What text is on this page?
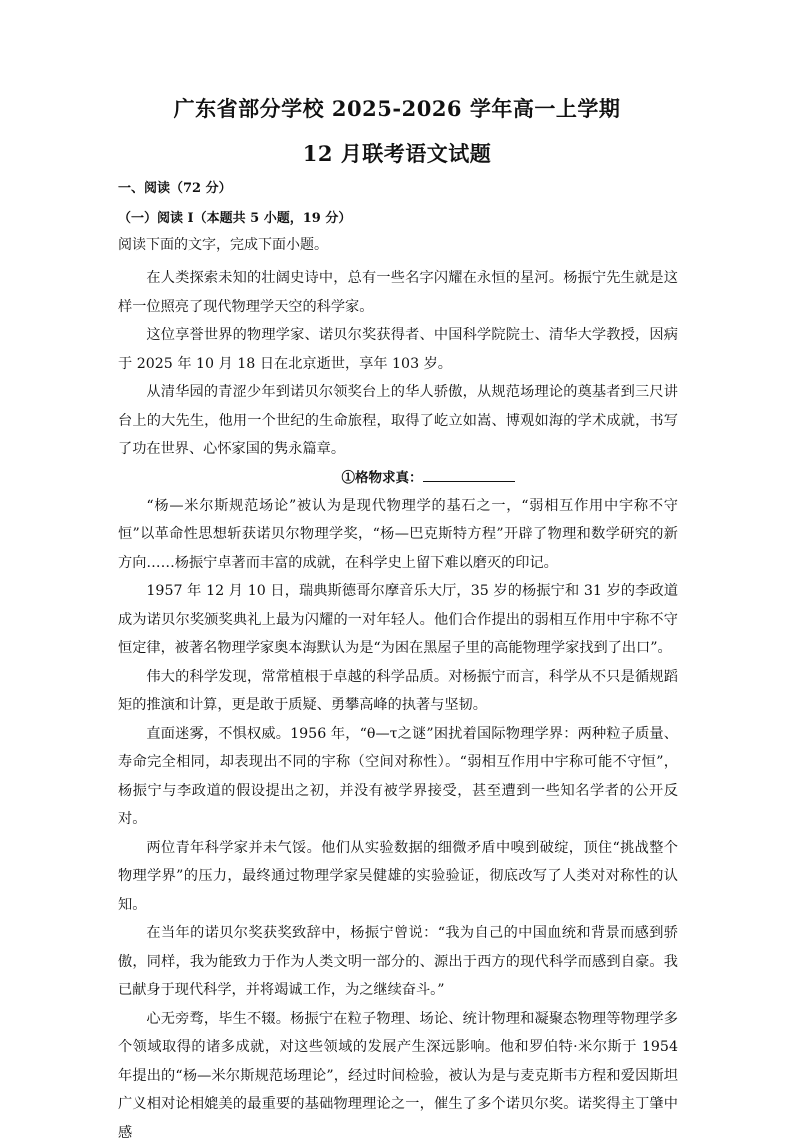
广东省部分学校 2025-2026 学年高一上学期
12 月联考语文试题

一、阅读（72 分）

（一）阅读 I（本题共 5 小题，19 分）

阅读下面的文字，完成下面小题。

在人类探索未知的壮阔史诗中，总有一些名字闪耀在永恒的星河。杨振宁先生就是这样一位照亮了现代物理学天空的科学家。

这位享誉世界的物理学家、诺贝尔奖获得者、中国科学院院士、清华大学教授，因病于 2025 年 10 月 18 日在北京逝世，享年 103 岁。

从清华园的青涩少年到诺贝尔领奖台上的华人骄傲，从规范场理论的奠基者到三尺讲台上的大先生，他用一个世纪的生命旅程，取得了屹立如嵩、博观如海的学术成就，书写了功在世界、心怀家国的隽永篇章。

①格物求真：

“杨—米尔斯规范场论”被认为是现代物理学的基石之一，“弱相互作用中宇称不守恒”以革命性思想斩获诺贝尔物理学奖，“杨—巴克斯特方程”开辟了物理和数学研究的新方向……杨振宁卓著而丰富的成就，在科学史上留下难以磨灭的印记。

1957 年 12 月 10 日，瑞典斯德哥尔摩音乐大厅，35 岁的杨振宁和 31 岁的李政道成为诺贝尔奖颁奖典礼上最为闪耀的一对年轻人。他们合作提出的弱相互作用中宇称不守恒定律，被著名物理学家奥本海默认为是“为困在黑屋子里的高能物理学家找到了出口”。

伟大的科学发现，常常植根于卓越的科学品质。对杨振宁而言，科学从不只是循规蹈矩的推演和计算，更是敢于质疑、勇攀高峰的执著与坚韧。

直面迷雾，不惧权威。1956 年，“θ—τ之谜”困扰着国际物理学界：两种粒子质量、寿命完全相同，却表现出不同的宇称（空间对称性）。“弱相互作用中宇称可能不守恒”，杨振宁与李政道的假设提出之初，并没有被学界接受，甚至遭到一些知名学者的公开反对。

两位青年科学家并未气馁。他们从实验数据的细微矛盾中嗅到破绽，顶住“挑战整个物理学界”的压力，最终通过物理学家吴健雄的实验验证，彻底改写了人类对对称性的认知。

在当年的诺贝尔奖获奖致辞中，杨振宁曾说：“我为自己的中国血统和背景而感到骄傲，同样，我为能致力于作为人类文明一部分的、源出于西方的现代科学而感到自豪。我已献身于现代科学，并将竭诚工作，为之继续奋斗。”

心无旁骛，毕生不辍。杨振宁在粒子物理、场论、统计物理和凝聚态物理等物理学多个领域取得的诸多成就，对这些领域的发展产生深远影响。他和罗伯特·米尔斯于 1954 年提出的“杨—米尔斯规范场理论”，经过时间检验，被认为是与麦克斯韦方程和爱因斯坦广义相对论相媲美的最重要的基础物理理论之一，催生了多个诺贝尔奖。诺奖得主丁肇中感
